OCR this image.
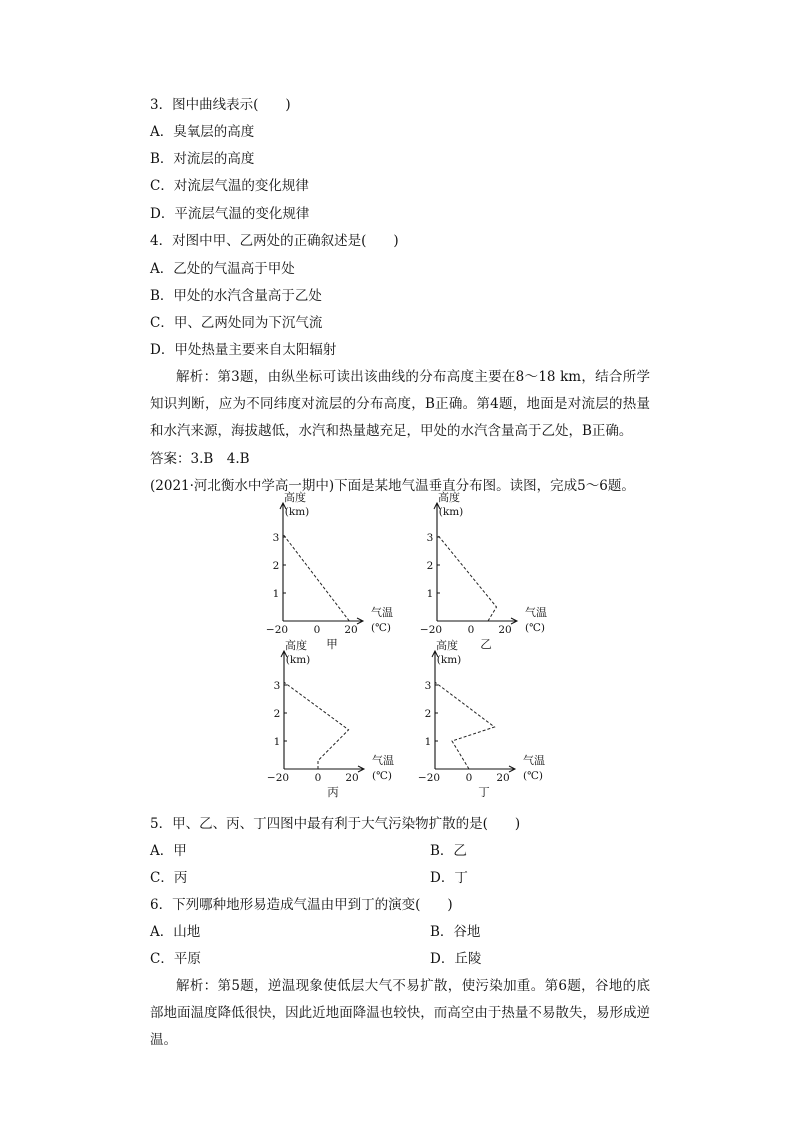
3．图中曲线表示(　　)
A．臭氧层的高度
B．对流层的高度
C．对流层气温的变化规律
D．平流层气温的变化规律
4．对图中甲、乙两处的正确叙述是(　　)
A．乙处的气温高于甲处
B．甲处的水汽含量高于乙处
C．甲、乙两处同为下沉气流
D．甲处热量主要来自太阳辐射
解析：第3题，由纵坐标可读出该曲线的分布高度主要在8～18 km，结合所学知识判断，应为不同纬度对流层的分布高度，B正确。第4题，地面是对流层的热量和水汽来源，海拔越低，水汽和热量越充足，甲处的水汽含量高于乙处，B正确。
答案：3.B　4.B
(2021·河北衡水中学高一期中)下面是某地气温垂直分布图。读图，完成5～6题。
高度
(km)
气温
(℃)
1
2
3
−20 0 20
甲
高度
(km)
气温
(℃)
1
2
3
−20 0 20
乙
高度
(km)
气温
(℃)
1
2
3
−20 0 20
丙
高度
(km)
气温
(℃)
1
2
3
−20 0 20
丁
5．甲、乙、丙、丁四图中最有利于大气污染物扩散的是(　　)
A．甲	B．乙
C．丙	D．丁
6．下列哪种地形易造成气温由甲到丁的演变(　　)
A．山地	B．谷地
C．平原	D．丘陵
解析：第5题，逆温现象使低层大气不易扩散，使污染加重。第6题，谷地的底部地面温度降低很快，因此近地面降温也较快，而高空由于热量不易散失，易形成逆温。
